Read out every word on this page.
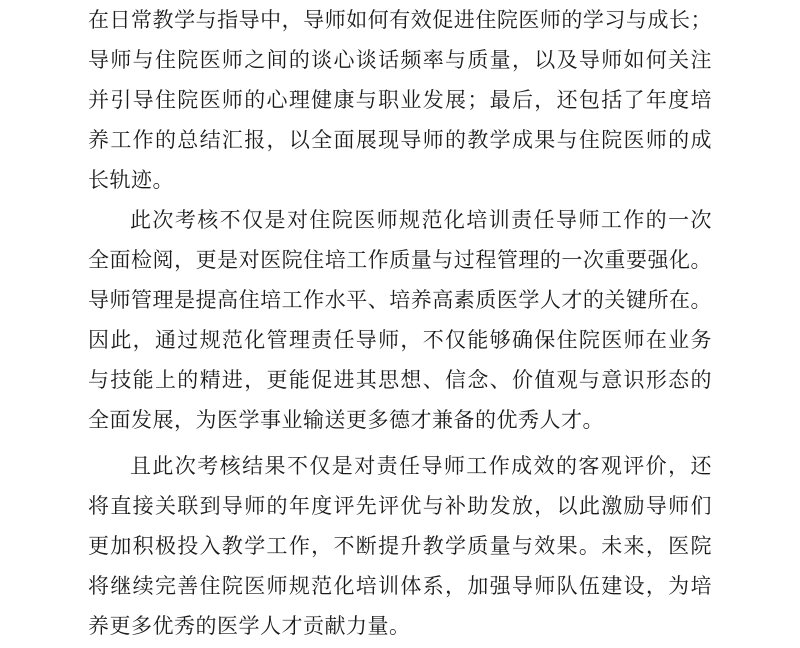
在日常教学与指导中，导师如何有效促进住院医师的学习与成长；
导师与住院医师之间的谈心谈话频率与质量，以及导师如何关注
并引导住院医师的心理健康与职业发展；最后，还包括了年度培
养工作的总结汇报，以全面展现导师的教学成果与住院医师的成
长轨迹。
此次考核不仅是对住院医师规范化培训责任导师工作的一次
全面检阅，更是对医院住培工作质量与过程管理的一次重要强化。
导师管理是提高住培工作水平、培养高素质医学人才的关键所在。
因此，通过规范化管理责任导师，不仅能够确保住院医师在业务
与技能上的精进，更能促进其思想、信念、价值观与意识形态的
全面发展，为医学事业输送更多德才兼备的优秀人才。
且此次考核结果不仅是对责任导师工作成效的客观评价，还
将直接关联到导师的年度评先评优与补助发放，以此激励导师们
更加积极投入教学工作，不断提升教学质量与效果。未来，医院
将继续完善住院医师规范化培训体系，加强导师队伍建设，为培
养更多优秀的医学人才贡献力量。
